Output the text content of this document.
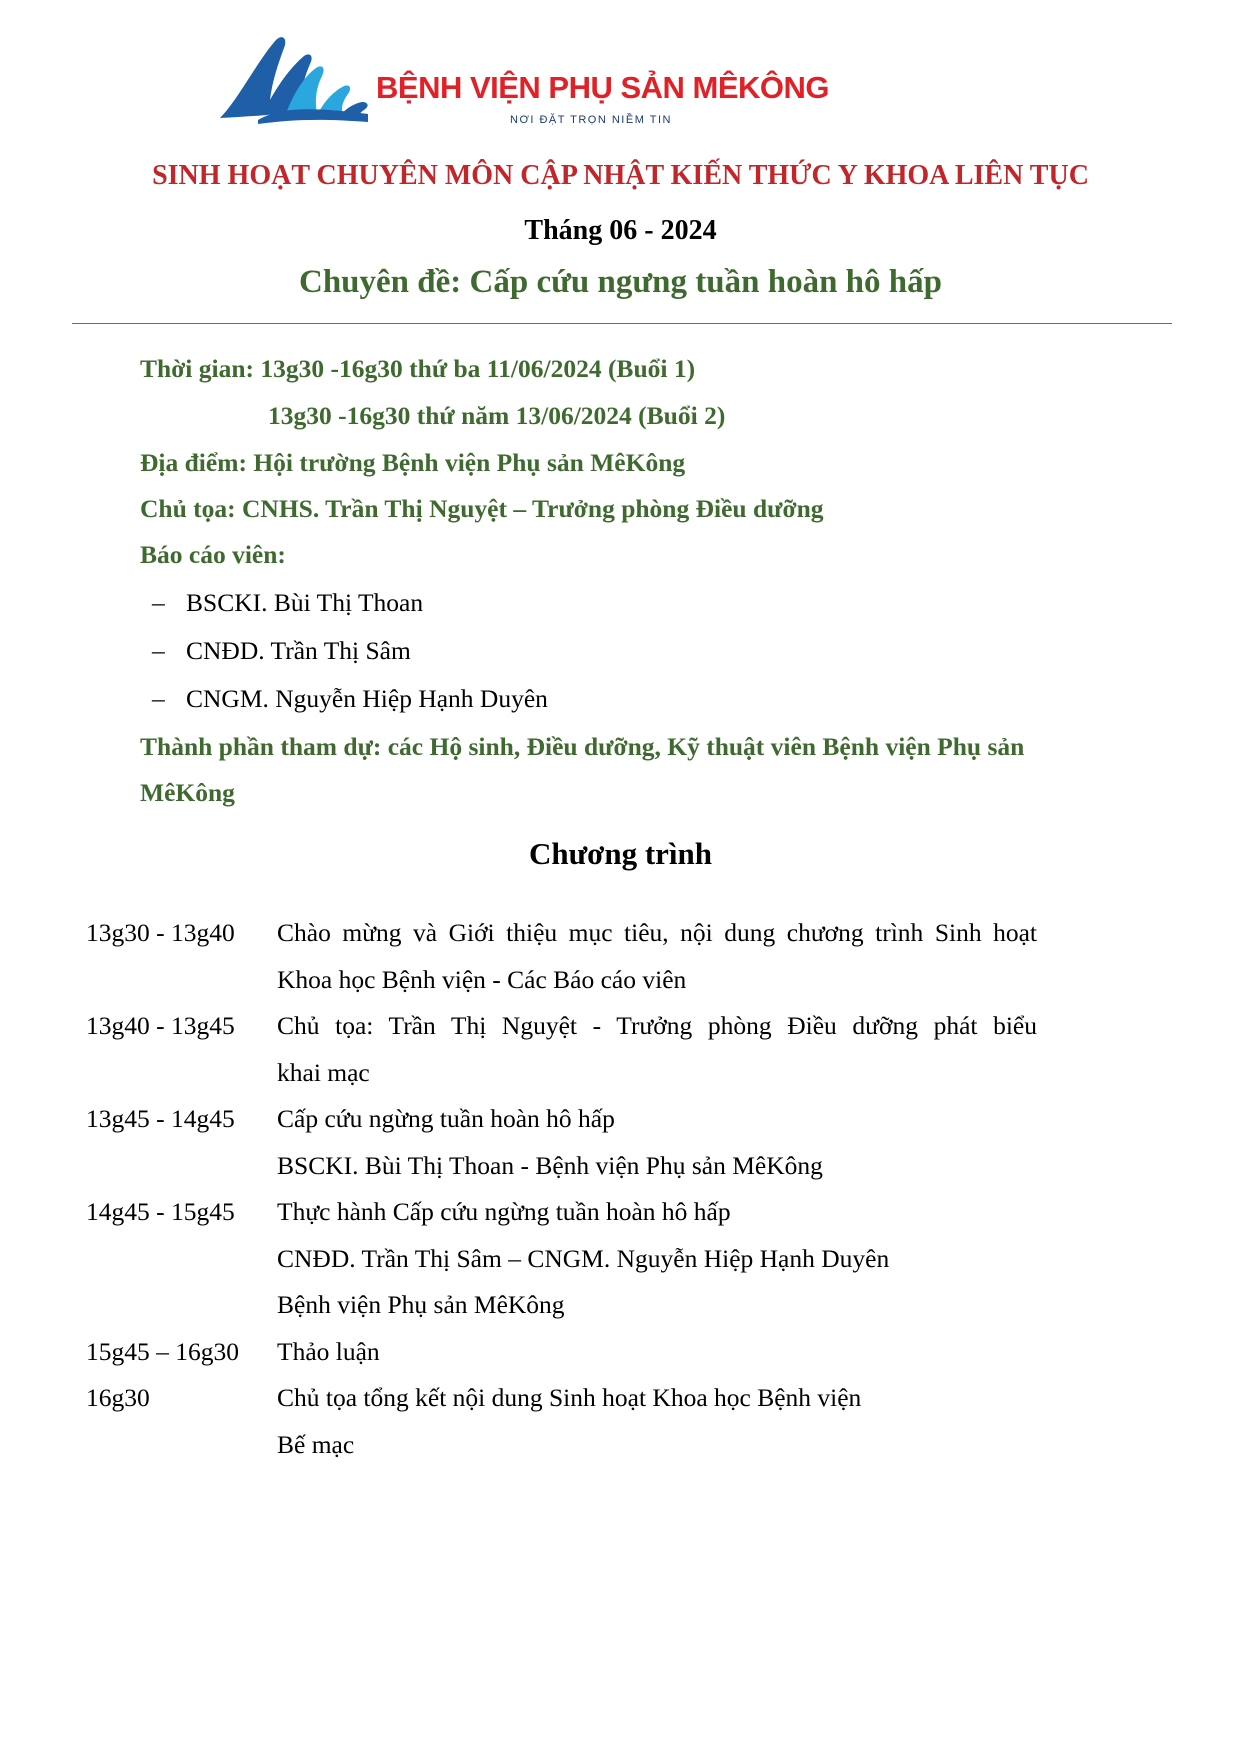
BỆNH VIỆN PHỤ SẢN MÊKÔNG
NƠI ĐẶT TRỌN NIỀM TIN
SINH HOẠT CHUYÊN MÔN CẬP NHẬT KIẾN THỨC Y KHOA LIÊN TỤC
Tháng 06 - 2024
Chuyên đề: Cấp cứu ngưng tuần hoàn hô hấp
Thời gian: 13g30 -16g30 thứ ba 11/06/2024 (Buổi 1)
13g30 -16g30 thứ năm 13/06/2024 (Buổi 2)
Địa điểm: Hội trường Bệnh viện Phụ sản MêKông
Chủ tọa: CNHS. Trần Thị Nguyệt – Trưởng phòng Điều dưỡng
Báo cáo viên:
– BSCKI. Bùi Thị Thoan
– CNĐD. Trần Thị Sâm
– CNGM. Nguyễn Hiệp Hạnh Duyên
Thành phần tham dự: các Hộ sinh, Điều dưỡng, Kỹ thuật viên Bệnh viện Phụ sản
MêKông
Chương trình
13g30 - 13g40 Chào mừng và Giới thiệu mục tiêu, nội dung chương trình Sinh hoạt
Khoa học Bệnh viện - Các Báo cáo viên
13g40 - 13g45 Chủ tọa: Trần Thị Nguyệt - Trưởng phòng Điều dưỡng phát biểu
khai mạc
13g45 - 14g45 Cấp cứu ngừng tuần hoàn hô hấp
BSCKI. Bùi Thị Thoan - Bệnh viện Phụ sản MêKông
14g45 - 15g45 Thực hành Cấp cứu ngừng tuần hoàn hô hấp
CNĐD. Trần Thị Sâm – CNGM. Nguyễn Hiệp Hạnh Duyên
Bệnh viện Phụ sản MêKông
15g45 – 16g30 Thảo luận
16g30	Chủ tọa tổng kết nội dung Sinh hoạt Khoa học Bệnh viện
Bế mạc
